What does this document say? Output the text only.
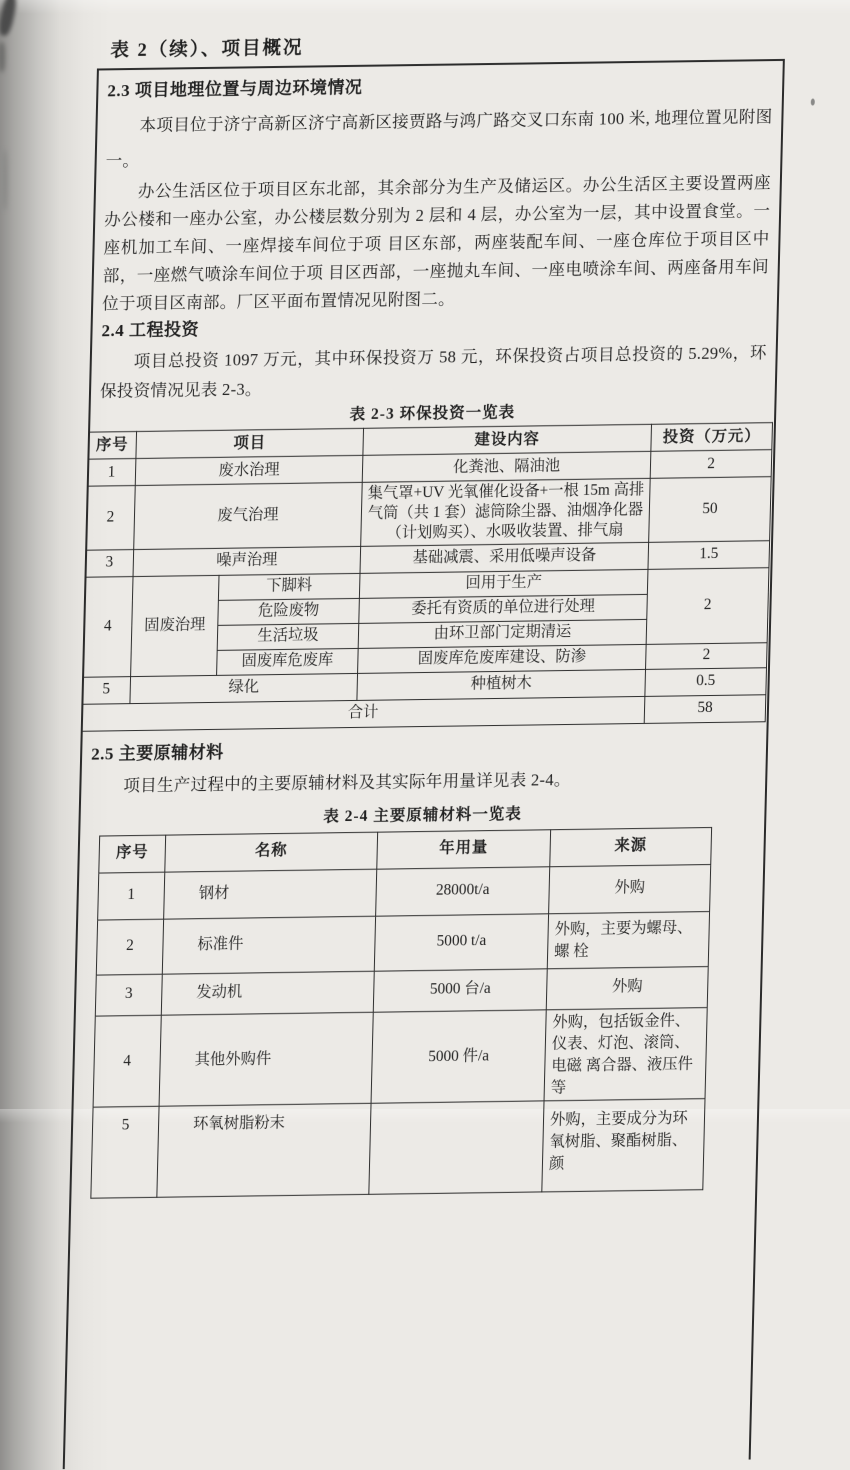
表 2（续）、项目概况
2.3 项目地理位置与周边环境情况

本项目位于济宁高新区济宁高新区接贾路与鸿广路交叉口东南 100 米, 地理位置见附图一。

办公生活区位于项目区东北部，其余部分为生产及储运区。办公生活区主要设置两座办公楼和一座办公室，办公楼层数分别为 2 层和 4 层，办公室为一层，其中设置食堂。一座机加工车间、一座焊接车间位于项 目区东部，两座装配车间、一座仓库位于项目区中部，一座燃气喷涂车间位于项 目区西部，一座抛丸车间、一座电喷涂车间、两座备用车间位于项目区南部。厂区平面布置情况见附图二。

2.4 工程投资

项目总投资 1097 万元，其中环保投资万 58 元，环保投资占项目总投资的 5.29%，环保投资情况见表 2-3。

表 2-3 环保投资一览表
序号	项目		建设内容	投资（万元）
1	废水治理		化粪池、隔油池	2
2	废气治理		集气罩+UV 光氧催化设备+一根 15m 高排气筒（共 1 套）滤筒除尘器、油烟净化器（计划购买）、水吸收装置、排气扇	50
3	噪声治理		基础减震、采用低噪声设备	1.5
4	固废治理	下脚料	回用于生产	2
		危险废物	委托有资质的单位进行处理	
		生活垃圾	由环卫部门定期清运	
		固废库危废库	固废库危废库建设、防渗	2
5	绿化		种植树木	0.5
合计				58
2.5 主要原辅材料

项目生产过程中的主要原辅材料及其实际年用量详见表 2-4。

表 2-4 主要原辅材料一览表
序号	名称	年用量	来源
1	钢材	28000t/a	外购
2	标准件	5000 t/a	外购，主要为螺母、螺 栓
3	发动机	5000 台/a	外购
4	其他外购件	5000 件/a	外购，包括钣金件、仪表、灯泡、滚筒、电磁 离合器、液压件等
5	环氧树脂粉末		外购，主要成分为环氧树脂、聚酯树脂、颜
